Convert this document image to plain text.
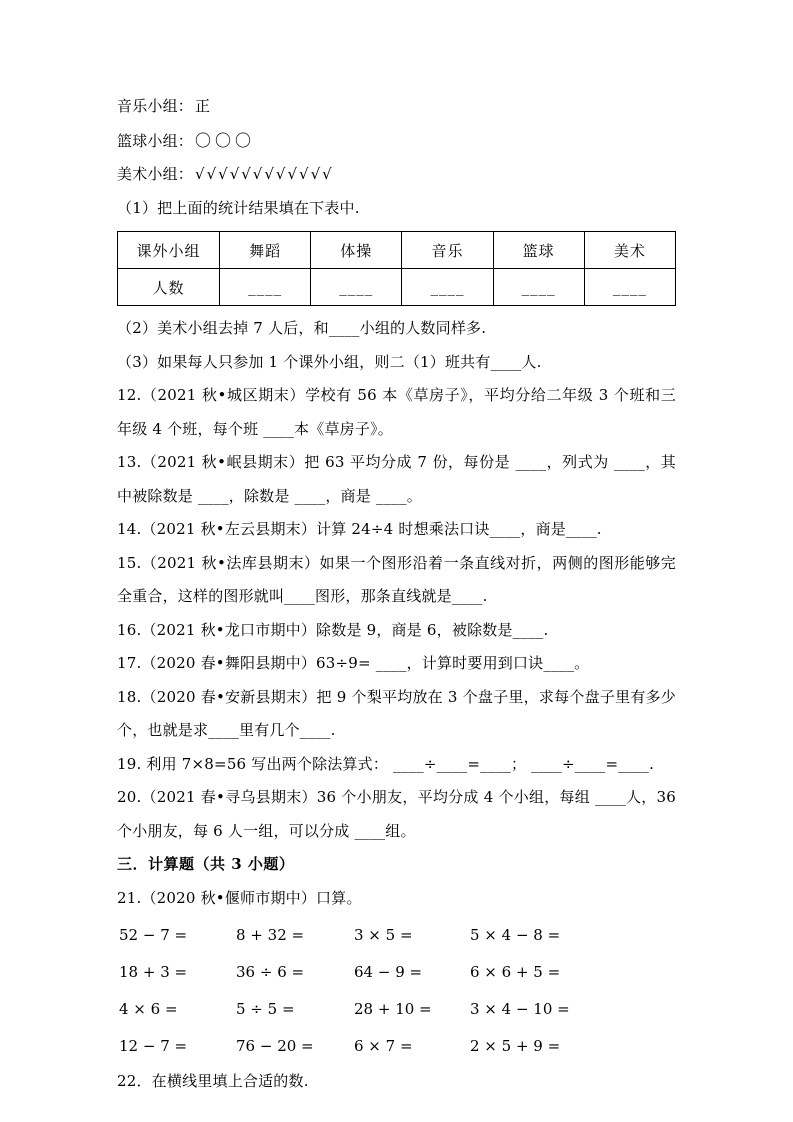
音乐小组： 正

篮球小组： 〇〇〇

美术小组： √√√√√√√√√√√√

（1）把上面的统计结果填在下表中.

课外小组	舞蹈	体操	音乐	篮球	美术
人数	____	____	____	____	____

（2）美术小组去掉 7 人后，和____小组的人数同样多.

（3）如果每人只参加 1 个课外小组，则二（1）班共有____人.

12.（2021 秋•城区期末）学校有 56 本《草房子》，平均分给二年级 3 个班和三年级 4 个班，每个班 ____本《草房子》。

13.（2021 秋•岷县期末）把 63 平均分成 7 份，每份是 ____，列式为 ____，其中被除数是 ____，除数是 ____，商是 ____。

14.（2021 秋•左云县期末）计算 24÷4 时想乘法口诀____，商是____.

15.（2021 秋•法库县期末）如果一个图形沿着一条直线对折，两侧的图形能够完全重合，这样的图形就叫____图形，那条直线就是____.

16.（2021 秋•龙口市期中）除数是 9，商是 6，被除数是____.

17.（2020 春•舞阳县期中）63÷9= ____，计算时要用到口诀____。

18.（2020 春•安新县期末）把 9 个梨平均放在 3 个盘子里，求每个盘子里有多少个，也就是求____里有几个____.

19. 利用 7×8=56 写出两个除法算式： ____÷____=____； ____÷____=____.

20.（2021 春•寻乌县期末）36 个小朋友，平均分成 4 个小组，每组 ____人，36 个小朋友，每 6 人一组，可以分成 ____组。

三．计算题（共 3 小题）

21.（2020 秋•偃师市期中）口算。

52 − 7 =	8 + 32 =	3 × 5 =	5 × 4 − 8 =
18 + 3 =	36 ÷ 6 =	64 − 9 =	6 × 6 + 5 =
4 × 6 =	5 ÷ 5 =	28 + 10 =	3 × 4 − 10 =
12 − 7 =	76 − 20 =	6 × 7 =	2 × 5 + 9 =

22．在横线里填上合适的数.
